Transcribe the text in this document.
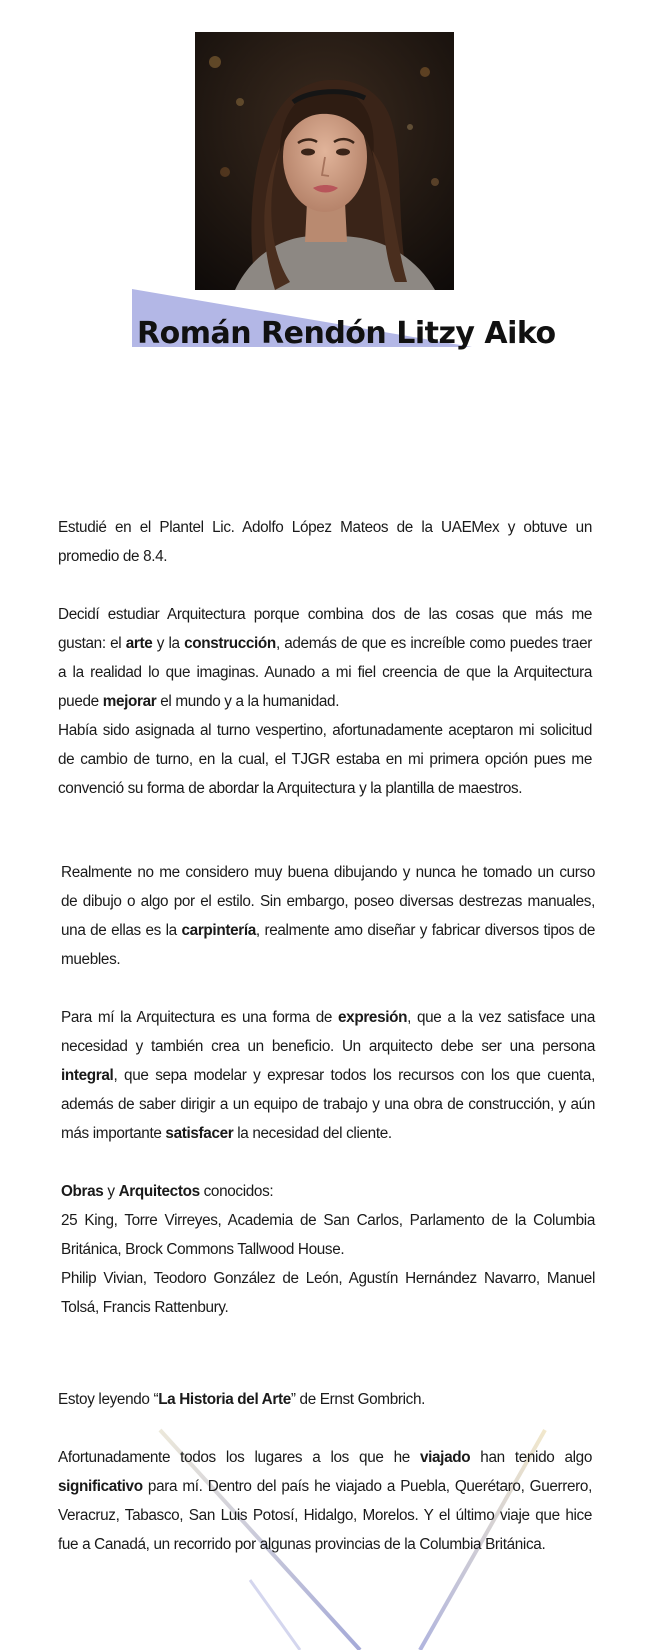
Román Rendón Litzy Aiko

Estudié en el Plantel Lic. Adolfo López Mateos de la UAEMex y obtuve un promedio de 8.4.

Decidí estudiar Arquitectura porque combina dos de las cosas que más me gustan: el arte y la construcción, además de que es increíble como puedes traer a la realidad lo que imaginas. Aunado a mi fiel creencia de que la Arquitectura puede mejorar el mundo y a la humanidad.

Había sido asignada al turno vespertino, afortunadamente aceptaron mi solicitud de cambio de turno, en la cual, el TJGR estaba en mi primera opción pues me convenció su forma de abordar la Arquitectura y la plantilla de maestros.

Realmente no me considero muy buena dibujando y nunca he tomado un curso de dibujo o algo por el estilo. Sin embargo, poseo diversas destrezas manuales, una de ellas es la carpintería, realmente amo diseñar y fabricar diversos tipos de muebles.

Para mí la Arquitectura es una forma de expresión, que a la vez satisface una necesidad y también crea un beneficio. Un arquitecto debe ser una persona integral, que sepa modelar y expresar todos los recursos con los que cuenta, además de saber dirigir a un equipo de trabajo y una obra de construcción, y aún más importante satisfacer la necesidad del cliente.

Obras y Arquitectos conocidos:

25 King, Torre Virreyes, Academia de San Carlos, Parlamento de la Columbia Británica, Brock Commons Tallwood House.

Philip Vivian, Teodoro González de León, Agustín Hernández Navarro, Manuel Tolsá, Francis Rattenbury.

Estoy leyendo “La Historia del Arte” de Ernst Gombrich.

Afortunadamente todos los lugares a los que he viajado han tenido algo significativo para mí. Dentro del país he viajado a Puebla, Querétaro, Guerrero, Veracruz, Tabasco, San Luis Potosí, Hidalgo, Morelos. Y el último viaje que hice fue a Canadá, un recorrido por algunas provincias de la Columbia Británica.
